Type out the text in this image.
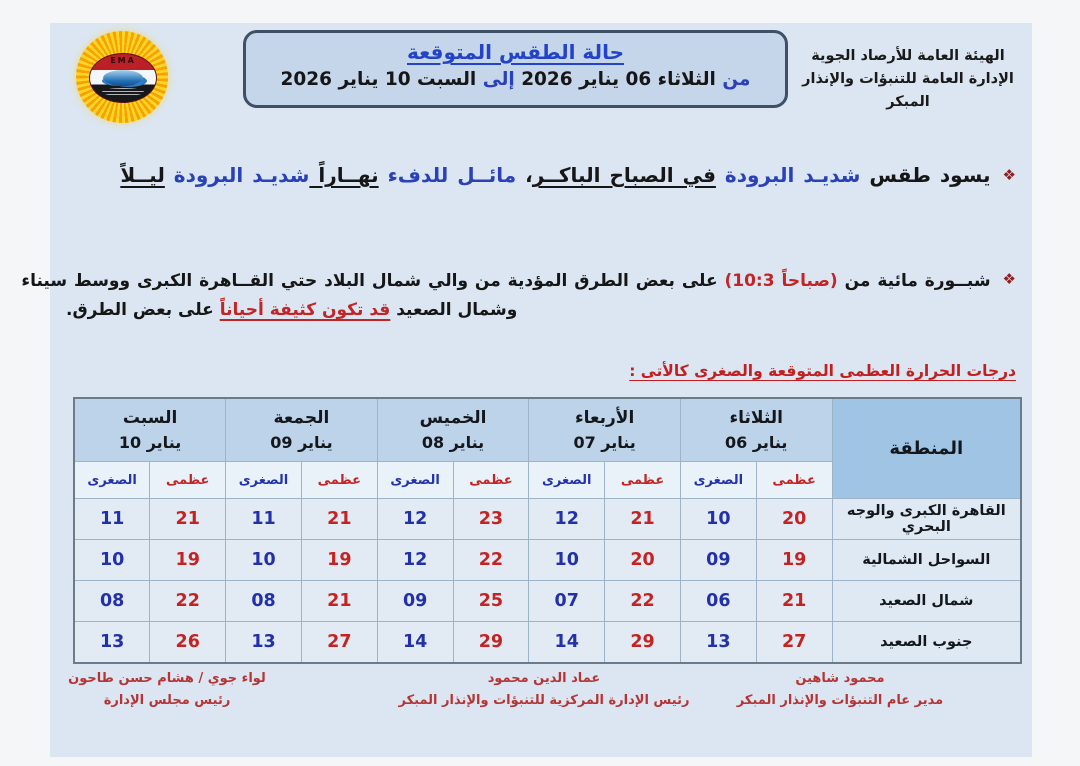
EMA	حالة الطقس المتوقعة
من الثلاثاء 06 يناير 2026 إلى السبت 10 يناير 2026
الهيئة العامة للأرصاد الجوية
الإدارة العامة للتنبؤات والإنذار المبكر
❖يسود طقس شديـد البرودة في الصباح الباكــر، مائــل للدفء نهــاراً شديـد البرودة ليــلاً
❖شبــورة مائية من (10:3 صباحاً) على بعض الطرق المؤدية من والي شمال البلاد حتي القــاهرة الكبرى ووسط سيناء
وشمال الصعيد قد تكون كثيفة أحياناً على بعض الطرق.
درجات الحرارة العظمى المتوقعة والصغرى كالأتى :
المنطقة	
الثلاثاء
06 يناير

الأربعاء
07 يناير

الخميس
08 يناير

الجمعة
09 يناير

السبت
10 يناير

	عظمى	الصغرى	عظمى	الصغرى	عظمى	الصغرى	عظمى	الصغرى	عظمى	الصغرى
القاهرة الكبرى والوجه البحري	20	10	21	12	23	12	21	11	21	11
السواحل الشمالية	19	09	20	10	22	12	19	10	19	10
شمال الصعيد	21	06	22	07	25	09	21	08	22	08
جنوب الصعيد	27	13	29	14	29	14	27	13	26	13
محمود شاهين
مدير عام التنبؤات والإنذار المبكر
عماد الدين محمود
رئيس الإدارة المركزية للتنبؤات والإنذار المبكر
لواء جوي / هشام حسن طاحون
رئيس مجلس الإدارة
